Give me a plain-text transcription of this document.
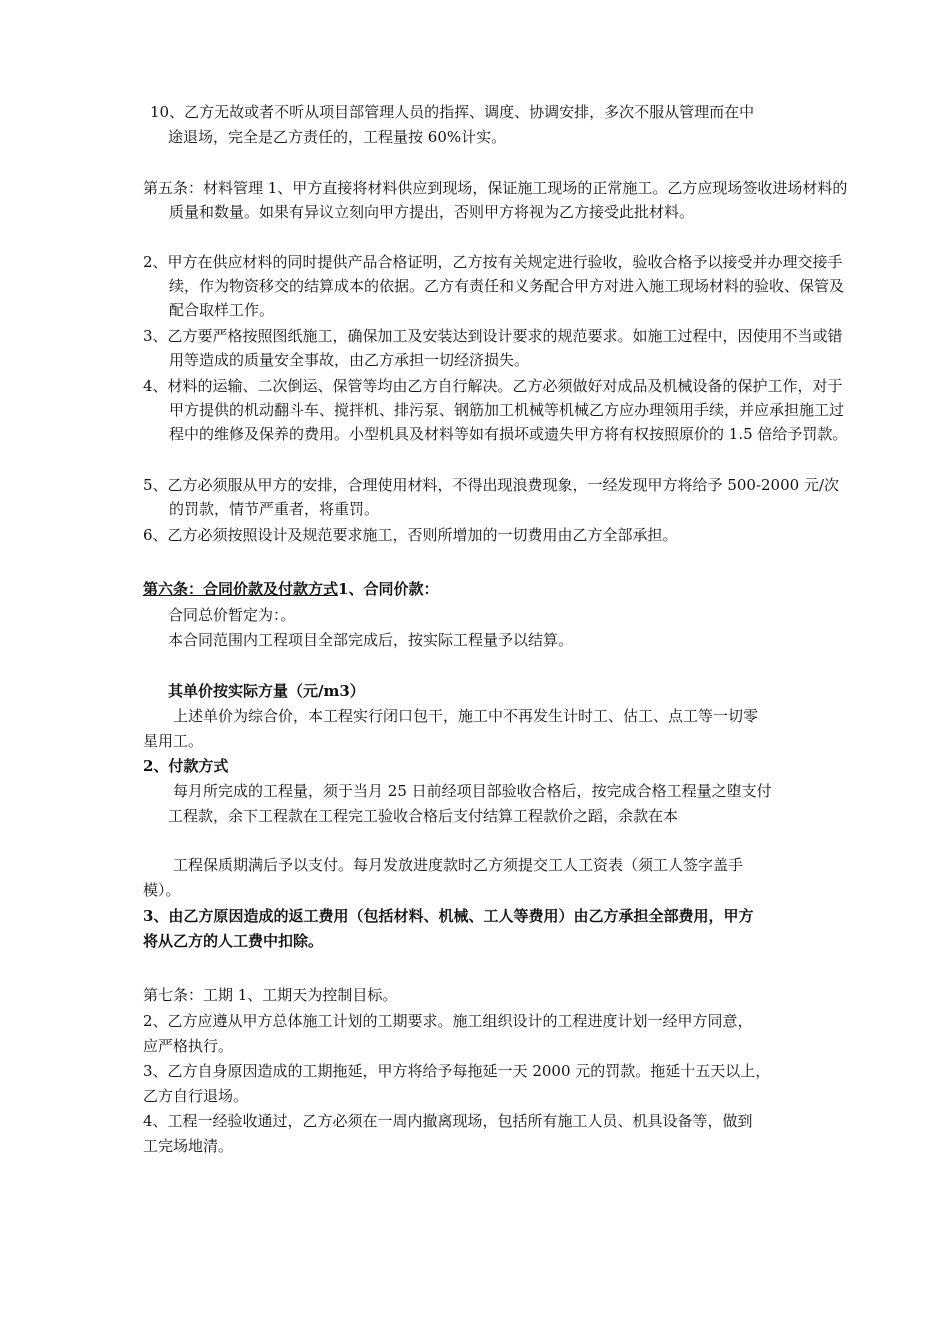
10、乙方无故或者不听从项目部管理人员的指挥、调度、协调安排，多次不服从管理而在中
途退场，完全是乙方责任的，工程量按 60%计实。
第五条：材料管理 1、甲方直接将材料供应到现场，保证施工现场的正常施工。乙方应现场签收进场材料的质量和数量。如果有异议立刻向甲方提出，否则甲方将视为乙方接受此批材料。
2、甲方在供应材料的同时提供产品合格证明，乙方按有关规定进行验收，验收合格予以接受并办理交接手续，作为物资移交的结算成本的依据。乙方有责任和义务配合甲方对进入施工现场材料的验收、保管及配合取样工作。
3、乙方要严格按照图纸施工，确保加工及安装达到设计要求的规范要求。如施工过程中，因使用不当或错用等造成的质量安全事故，由乙方承担一切经济损失。
4、材料的运输、二次倒运、保管等均由乙方自行解决。乙方必须做好对成品及机械设备的保护工作，对于甲方提供的机动翻斗车、搅拌机、排污泵、钢筋加工机械等机械乙方应办理领用手续，并应承担施工过程中的维修及保养的费用。小型机具及材料等如有损坏或遗失甲方将有权按照原价的 1.5 倍给予罚款。
5、乙方必须服从甲方的安排，合理使用材料，不得出现浪费现象，一经发现甲方将给予 500-2000 元/次的罚款，情节严重者，将重罚。
6、乙方必须按照设计及规范要求施工，否则所增加的一切费用由乙方全部承担。
第六条：合同价款及付款方式1、合同价款：
合同总价暂定为：。
本合同范围内工程项目全部完成后，按实际工程量予以结算。
其单价按实际方量（元/m3）
上述单价为综合价，本工程实行闭口包干，施工中不再发生计时工、估工、点工等一切零
星用工。
2、付款方式
每月所完成的工程量，须于当月 25 日前经项目部验收合格后，按完成合格工程量之堕支付
工程款，余下工程款在工程完工验收合格后支付结算工程款价之蹈，余款在本
工程保质期满后予以支付。每月发放进度款时乙方须提交工人工资表（须工人签字盖手
模）。
3、由乙方原因造成的返工费用（包括材料、机械、工人等费用）由乙方承担全部费用，甲方
将从乙方的人工费中扣除。
第七条：工期 1、工期天为控制目标。
2、乙方应遵从甲方总体施工计划的工期要求。施工组织设计的工程进度计划一经甲方同意，
应严格执行。
3、乙方自身原因造成的工期拖延，甲方将给予每拖延一天 2000 元的罚款。拖延十五天以上，
乙方自行退场。
4、工程一经验收通过，乙方必须在一周内撤离现场，包括所有施工人员、机具设备等，做到
工完场地清。
